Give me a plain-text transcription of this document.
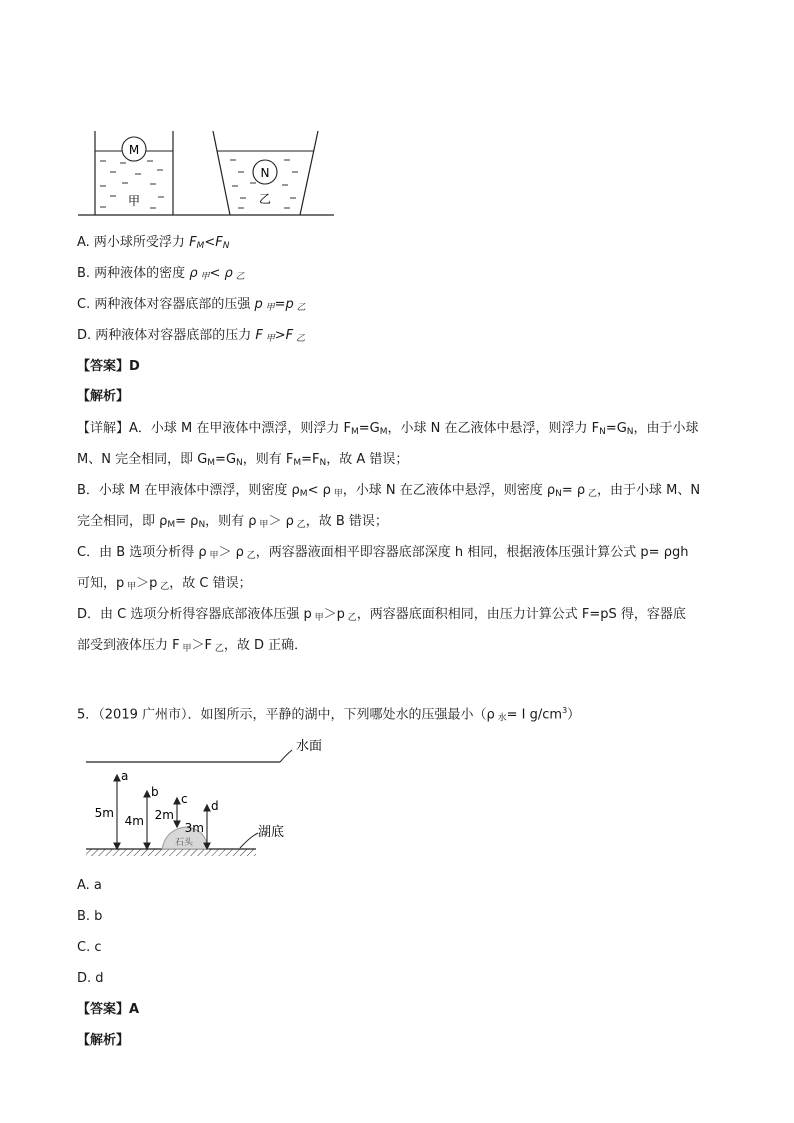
M
甲
N
乙
A. 两小球所受浮力 $F_M<F_N$
B. 两种液体的密度 ρ $_甲$< ρ $_乙$
C. 两种液体对容器底部的压强 p $_甲$=p $_乙$
D. 两种液体对容器底部的压力 F $_甲$>F $_乙$
【答案】D
【解析】
【详解】A．小球 M 在甲液体中漂浮，则浮力 $F_M=G_M$，小球 N 在乙液体中悬浮，则浮力 $F_N=G_N$，由于小球
M、N 完全相同，即 $G_M=G_N$，则有 $F_M=F_N$，故 A 错误；
B．小球 M 在甲液体中漂浮，则密度 $\rho_M< \rho$ $_甲$，小球 N 在乙液体中悬浮，则密度 $\rho_N= \rho$ $_乙$，由于小球 M、N
完全相同，即 $\rho_M= \rho_N$，则有 ρ $_甲$＞ ρ $_乙$，故 B 错误；
C．由 B 选项分析得 ρ $_甲$＞ ρ $_乙$，两容器液面相平即容器底部深度 h 相同，根据液体压强计算公式 p= ρgh
可知，p $_甲$＞p $_乙$，故 C 错误；
D．由 C 选项分析得容器底部液体压强 p $_甲$＞p $_乙$，两容器底面积相同，由压力计算公式 F=pS 得，容器底
部受到液体压力 F $_甲$＞F $_乙$，故 D 正确．
5．（2019 广州市）．如图所示，平静的湖中，下列哪处水的压强最小（ρ $_水$= I $g/cm^3$）
水面
湖底
石头
a
b c d
5m
4m 2m
3m
A. a
B. b
C. c
D. d
【答案】A
【解析】
